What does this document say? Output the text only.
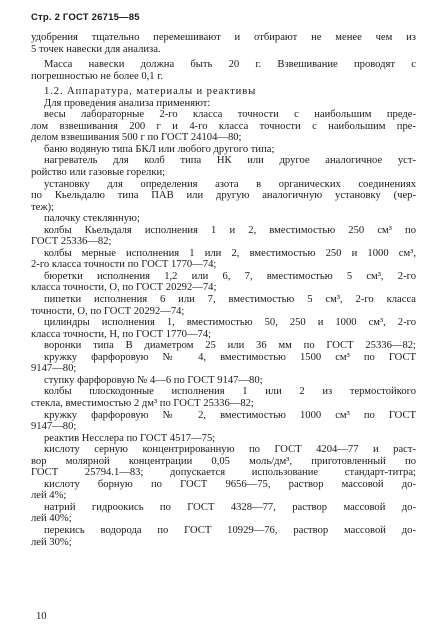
Стр. 2 ГОСТ 26715—85
удобрения тщательно перемешивают и отбирают не менее чем из
5 точек навески для анализа.
Масса навески должна быть 20 г. Взвешивание проводят с
погрешностью не более 0,1 г.
1.2. Аппаратура, материалы и реактивы
Для проведения анализа применяют:
весы лабораторные 2-го класса точности с наибольшим преде-
лом взвешивания 200 г и 4-го класса точности с наибольшим пре-
делом взвешивания 500 г по ГОСТ 24104—80;
баню водяную типа БКЛ или любого другого типа;
нагреватель для колб типа НК или другое аналогичное уст-
ройство или газовые горелки;
установку для определения азота в органических соединениях
по Кьельдалю типа ПАВ или другую аналогичную установку (чер-
теж);
палочку стеклянную;
колбы Кьельдаля исполнения 1 и 2, вместимостью 250 см³ по
ГОСТ 25336—82;
колбы мерные исполнения 1 или 2, вместимостью 250 и 1000 см³,
2-го класса точности по ГОСТ 1770—74;
бюретки исполнения 1,2 или 6, 7, вместимостью 5 см³, 2-го
класса точности, О, по ГОСТ 20292—74;
пипетки исполнения 6 или 7, вместимостью 5 см³, 2-го класса
точности, О, по ГОСТ 20292—74;
цилиндры исполнения 1, вместимостью 50, 250 и 1000 см³, 2-го
класса точности, Н, по ГОСТ 1770—74;
воронки типа В диаметром 25 или 36 мм по ГОСТ 25336—82;
кружку фарфоровую № 4, вместимостью 1500 см³ по ГОСТ
9147—80;
ступку фарфоровую № 4—6 по ГОСТ 9147—80;
колбы плоскодонные исполнения 1 или 2 из термостойкого
стекла, вместимостью 2 дм³ по ГОСТ 25336—82;
кружку фарфоровую № 2, вместимостью 1000 см³ по ГОСТ
9147—80;
реактив Несслера по ГОСТ 4517—75;
кислоту серную концентрированную по ГОСТ 4204—77 и раст-
вор молярной концентрации 0,05 моль/дм³, приготовленный по
ГОСТ 25794.1—83; допускается использование стандарт-титра;
кислоту борную по ГОСТ 9656—75, раствор массовой до-
лей 4%;
натрий гидроокись по ГОСТ 4328—77, раствор массовой до-
лей 40%;
перекись водорода по ГОСТ 10929—76, раствор массовой до-
лей 30%;
10
